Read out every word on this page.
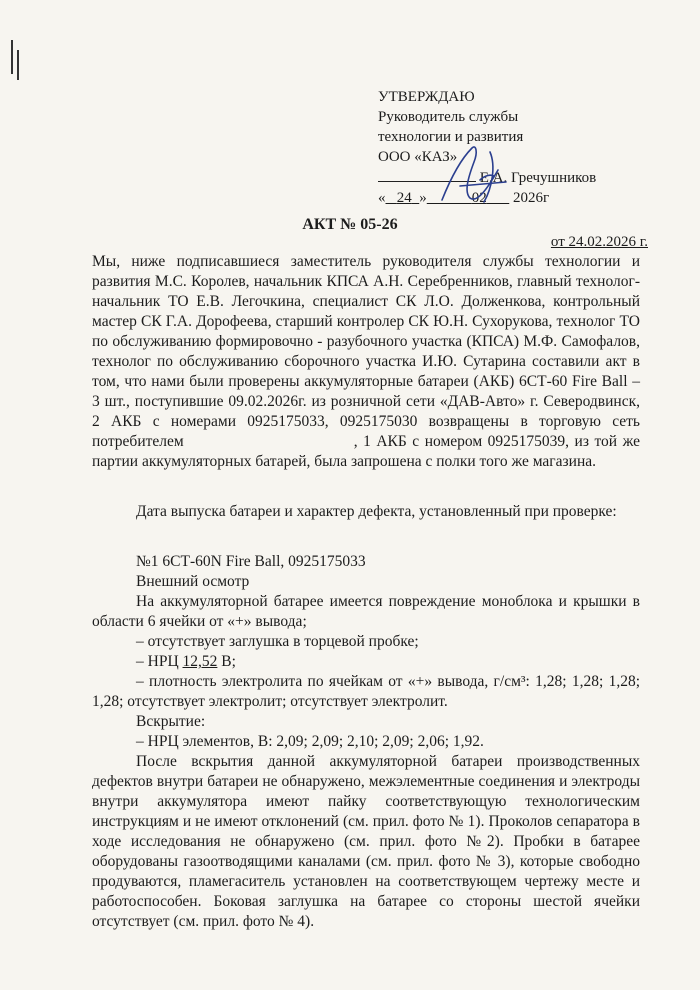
УТВЕРЖДАЮ
Руководитель службы
технологии и развития
ООО «КАЗ»
Е.А. Гречушников
« 24 »	02 2026г
АКТ № 05-26
от 24.02.2026 г.

Мы, ниже подписавшиеся заместитель руководителя службы технологии и развития М.С. Королев, начальник КПСА А.Н. Серебренников, главный технолог-начальник ТО Е.В. Легочкина, специалист СК Л.О. Долженкова, контрольный мастер СК Г.А. Дорофеева, старший контролер СК Ю.Н. Сухорукова, технолог ТО по обслуживанию формировочно - разубочного участка (КПСА) М.Ф. Самофалов, технолог по обслуживанию сборочного участка И.Ю. Сутарина составили акт в том, что нами были проверены аккумуляторные батареи (АКБ) 6СТ-60 Fire Ball – 3 шт., поступившие 09.02.2026г. из розничной сети «ДАВ-Авто» г. Северодвинск, 2 АКБ с номерами 0925175033, 0925175030 возвращены в торговую сеть потребителем	, 1 АКБ с номером 0925175039, из той же партии аккумуляторных батарей, была запрошена с полки того же магазина.

Дата выпуска батареи и характер дефекта, установленный при проверке:

№1 6СТ-60N Fire Ball, 0925175033

Внешний осмотр

На аккумуляторной батарее имеется повреждение моноблока и крышки в области 6 ячейки от «+» вывода;

– отсутствует заглушка в торцевой пробке;

– НРЦ 12,52 В;

– плотность электролита по ячейкам от «+» вывода, г/см³: 1,28; 1,28; 1,28; 1,28; отсутствует электролит; отсутствует электролит.

Вскрытие:

– НРЦ элементов, В: 2,09; 2,09; 2,10; 2,09; 2,06; 1,92.

После вскрытия данной аккумуляторной батареи производственных дефектов внутри батареи не обнаружено, межэлементные соединения и электроды внутри аккумулятора имеют пайку соответствующую технологическим инструкциям и не имеют отклонений (см. прил. фото № 1). Проколов сепаратора в ходе исследования не обнаружено (см. прил. фото №2). Пробки в батарее оборудованы газоотводящими каналами (см. прил. фото № 3), которые свободно продуваются, пламегаситель установлен на соответствующем чертежу месте и работоспособен. Боковая заглушка на батарее со стороны шестой ячейки отсутствует (см. прил. фото № 4).
